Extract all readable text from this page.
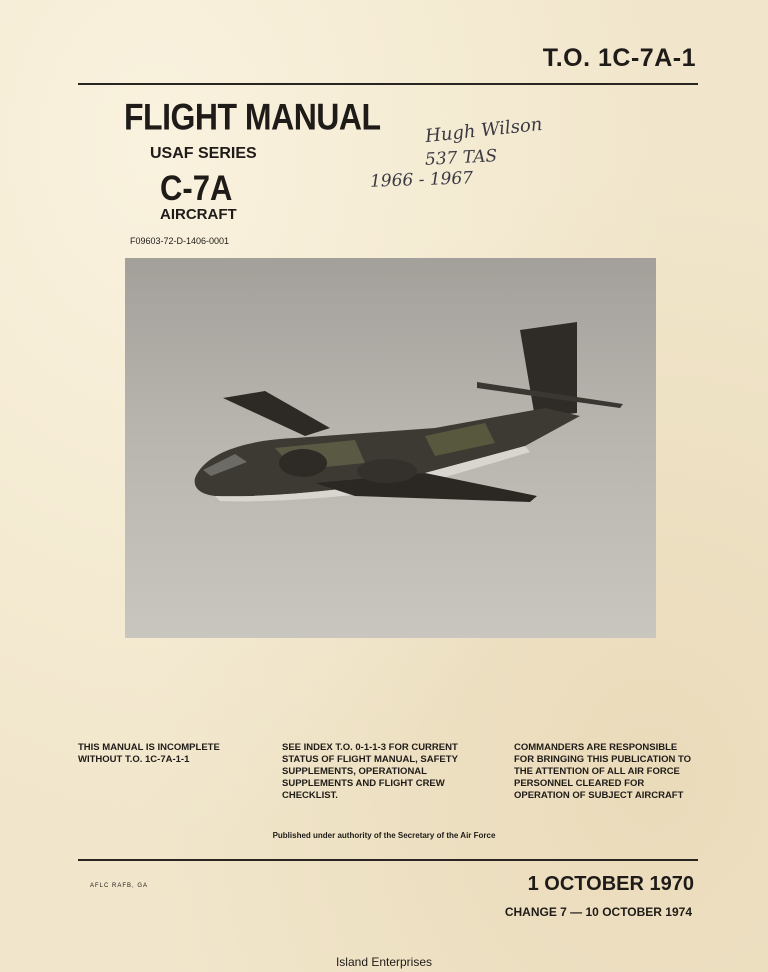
T.O. 1C-7A-1
FLIGHT MANUAL
USAF SERIES
C-7A
AIRCRAFT
F09603-72-D-1406-0001
Hugh Wilson
537 TAS
1966 - 1967
THIS MANUAL IS INCOMPLETE WITHOUT T.O. 1C-7A-1-1
SEE INDEX T.O. 0-1-1-3 FOR CURRENT STATUS OF FLIGHT MANUAL, SAFETY SUPPLEMENTS, OPERATIONAL SUPPLEMENTS AND FLIGHT CREW CHECKLIST.
COMMANDERS ARE RESPONSIBLE FOR BRINGING THIS PUBLICATION TO THE ATTENTION OF ALL AIR FORCE PERSONNEL CLEARED FOR OPERATION OF SUBJECT AIRCRAFT
Published under authority of the Secretary of the Air Force
AFLC RAFB, GA	1 OCTOBER 1970
CHANGE 7 — 10 OCTOBER 1974
Island Enterprises
